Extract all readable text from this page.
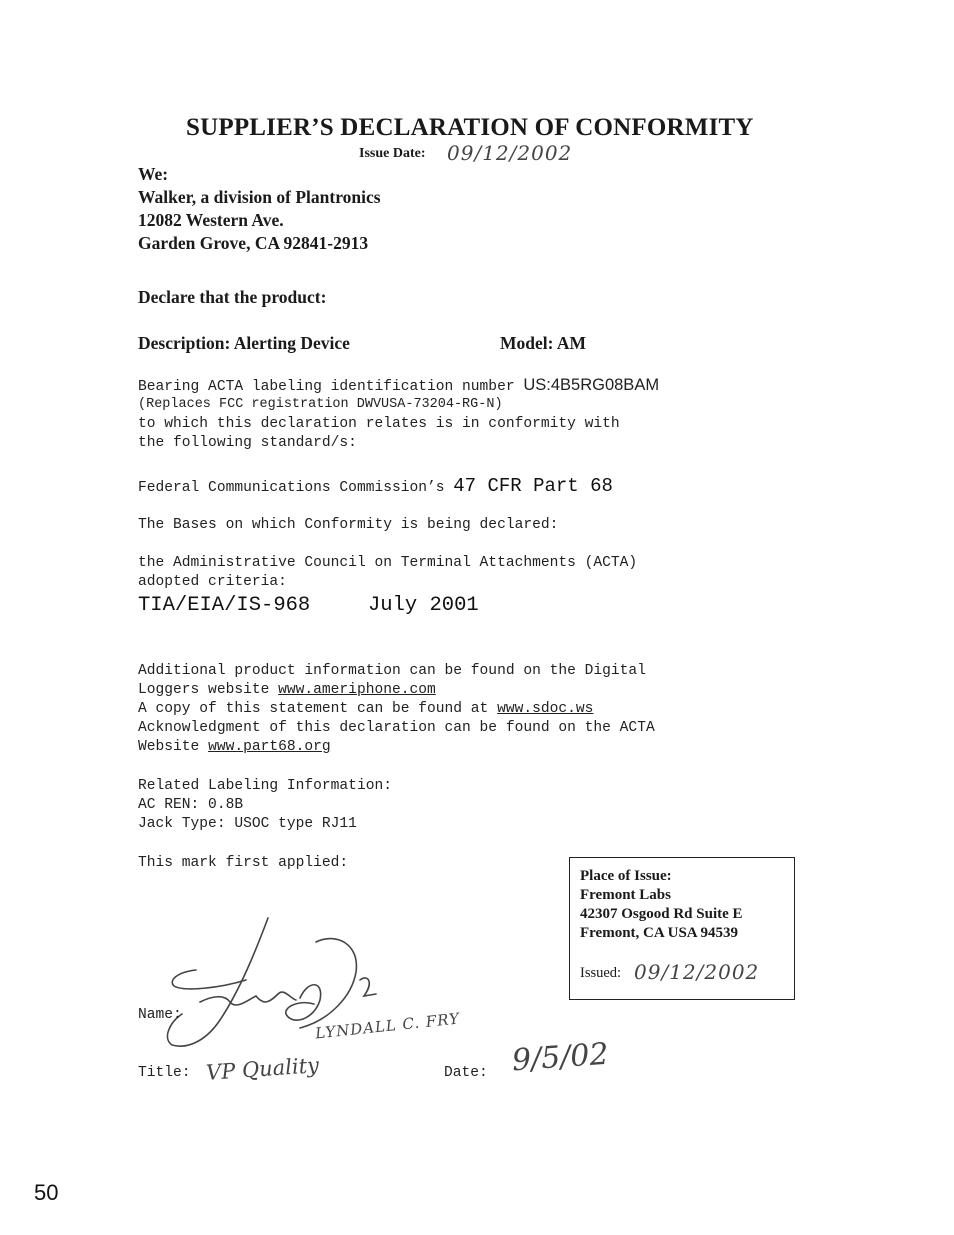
SUPPLIER’S DECLARATION OF CONFORMITY
Issue Date: 09/12/2002
We:
Walker, a division of Plantronics
12082 Western Ave.
Garden Grove, CA 92841-2913
Declare that the product:
Description: Alerting Device	Model: AM
Bearing ACTA labeling identification number US:4B5RG08BAM
(Replaces FCC registration DWVUSA-73204-RG-N)
to which this declaration relates is in conformity with
the following standard/s:
Federal Communications Commission’s 47 CFR Part 68
The Bases on which Conformity is being declared:
the Administrative Council on Terminal Attachments (ACTA)
adopted criteria:
TIA/EIA/IS-968	July 2001
Additional product information can be found on the Digital
Loggers website www.ameriphone.com
A copy of this statement can be found at www.sdoc.ws
Acknowledgment of this declaration can be found on the ACTA
Website www.part68.org
Related Labeling Information:
AC REN: 0.8B
Jack Type: USOC type RJ11
This mark first applied:
Place of Issue:
Fremont Labs
42307 Osgood Rd Suite E
Fremont, CA USA 94539
Issued: 09/12/2002
Name:	LYNDALL C. FRY
Title: VP Quality	Date: 9/5/02
50
